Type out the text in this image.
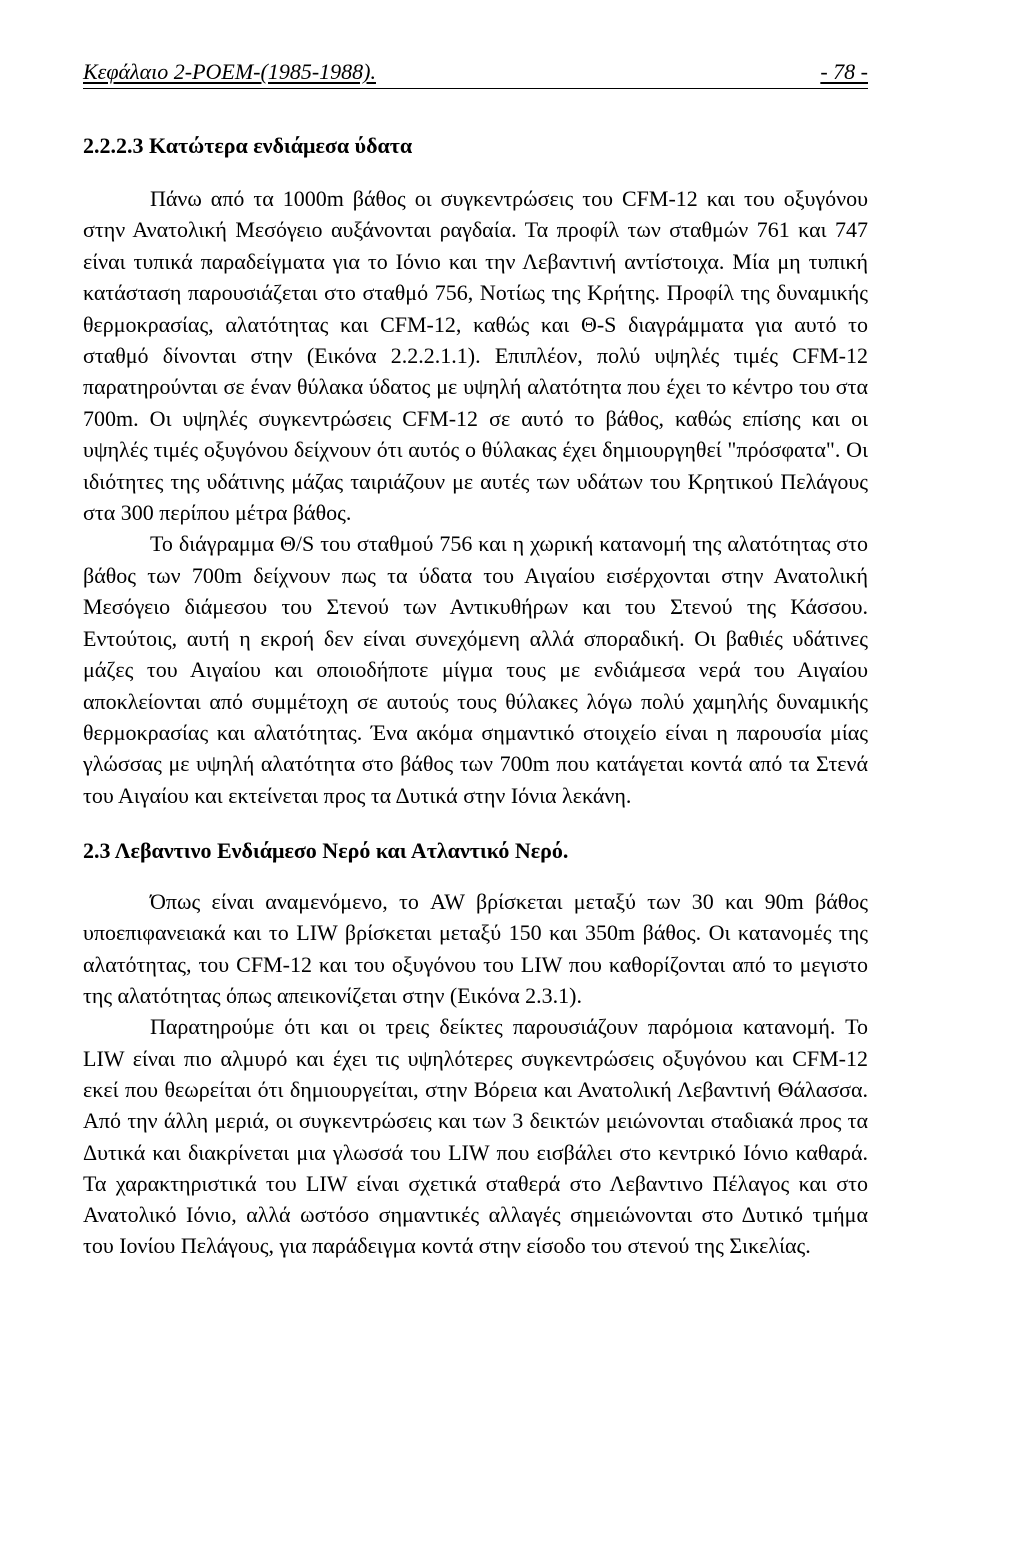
Κεφάλαιο 2-ΡΟΕΜ-(1985-1988).	- 78 -
2.2.2.3 Κατώτερα ενδιάμεσα ύδατα

Πάνω από τα 1000m βάθος οι συγκεντρώσεις του CFM-12 και του οξυγόνου στην Ανατολική Μεσόγειο αυξάνονται ραγδαία. Τα προφίλ των σταθμών 761 και 747 είναι τυπικά παραδείγματα για το Ιόνιο και την Λεβαντινή αντίστοιχα. Μία μη τυπική κατάσταση παρουσιάζεται στο σταθμό 756, Νοτίως της Κρήτης. Προφίλ της δυναμικής θερμοκρασίας, αλατότητας και CFM-12, καθώς και Θ-S διαγράμματα για αυτό το σταθμό δίνονται στην (Εικόνα 2.2.2.1.1). Επιπλέον, πολύ υψηλές τιμές CFM-12 παρατηρούνται σε έναν θύλακα ύδατος με υψηλή αλατότητα που έχει το κέντρο του στα 700m. Οι υψηλές συγκεντρώσεις CFM-12 σε αυτό το βάθος, καθώς επίσης και οι υψηλές τιμές οξυγόνου δείχνουν ότι αυτός ο θύλακας έχει δημιουργηθεί "πρόσφατα". Οι ιδιότητες της υδάτινης μάζας ταιριάζουν με αυτές των υδάτων του Κρητικού Πελάγους στα 300 περίπου μέτρα βάθος.

Το διάγραμμα Θ/S του σταθμού 756 και η χωρική κατανομή της αλατότητας στο βάθος των 700m δείχνουν πως τα ύδατα του Αιγαίου εισέρχονται στην Ανατολική Μεσόγειο διάμεσου του Στενού των Αντικυθήρων και του Στενού της Κάσσου. Εντούτοις, αυτή η εκροή δεν είναι συνεχόμενη αλλά σποραδική. Οι βαθιές υδάτινες μάζες του Αιγαίου και οποιοδήποτε μίγμα τους με ενδιάμεσα νερά του Αιγαίου αποκλείονται από συμμέτοχη σε αυτούς τους θύλακες λόγω πολύ χαμηλής δυναμικής θερμοκρασίας και αλατότητας. Ένα ακόμα σημαντικό στοιχείο είναι η παρουσία μίας γλώσσας με υψηλή αλατότητα στο βάθος των 700m που κατάγεται κοντά από τα Στενά του Αιγαίου και εκτείνεται προς τα Δυτικά στην Ιόνια λεκάνη.

2.3 Λεβαντινο Ενδιάμεσο Νερό και Ατλαντικό Νερό.

Όπως είναι αναμενόμενο, το AW βρίσκεται μεταξύ των 30 και 90m βάθος υποεπιφανειακά και το LIW βρίσκεται μεταξύ 150 και 350m βάθος. Οι κατανομές της αλατότητας, του CFM-12 και του οξυγόνου του LIW που καθορίζονται από το μεγιστο της αλατότητας όπως απεικονίζεται στην (Εικόνα 2.3.1).

Παρατηρούμε ότι και οι τρεις δείκτες παρουσιάζουν παρόμοια κατανομή. Το LIW είναι πιο αλμυρό και έχει τις υψηλότερες συγκεντρώσεις οξυγόνου και CFM-12 εκεί που θεωρείται ότι δημιουργείται, στην Βόρεια και Ανατολική Λεβαντινή Θάλασσα. Από την άλλη μεριά, οι συγκεντρώσεις και των 3 δεικτών μειώνονται σταδιακά προς τα Δυτικά και διακρίνεται μια γλωσσά του LIW που εισβάλει στο κεντρικό Ιόνιο καθαρά. Τα χαρακτηριστικά του LIW είναι σχετικά σταθερά στο Λεβαντινο Πέλαγος και στο Ανατολικό Ιόνιο, αλλά ωστόσο σημαντικές αλλαγές σημειώνονται στο Δυτικό τμήμα του Ιονίου Πελάγους, για παράδειγμα κοντά στην είσοδο του στενού της Σικελίας.
